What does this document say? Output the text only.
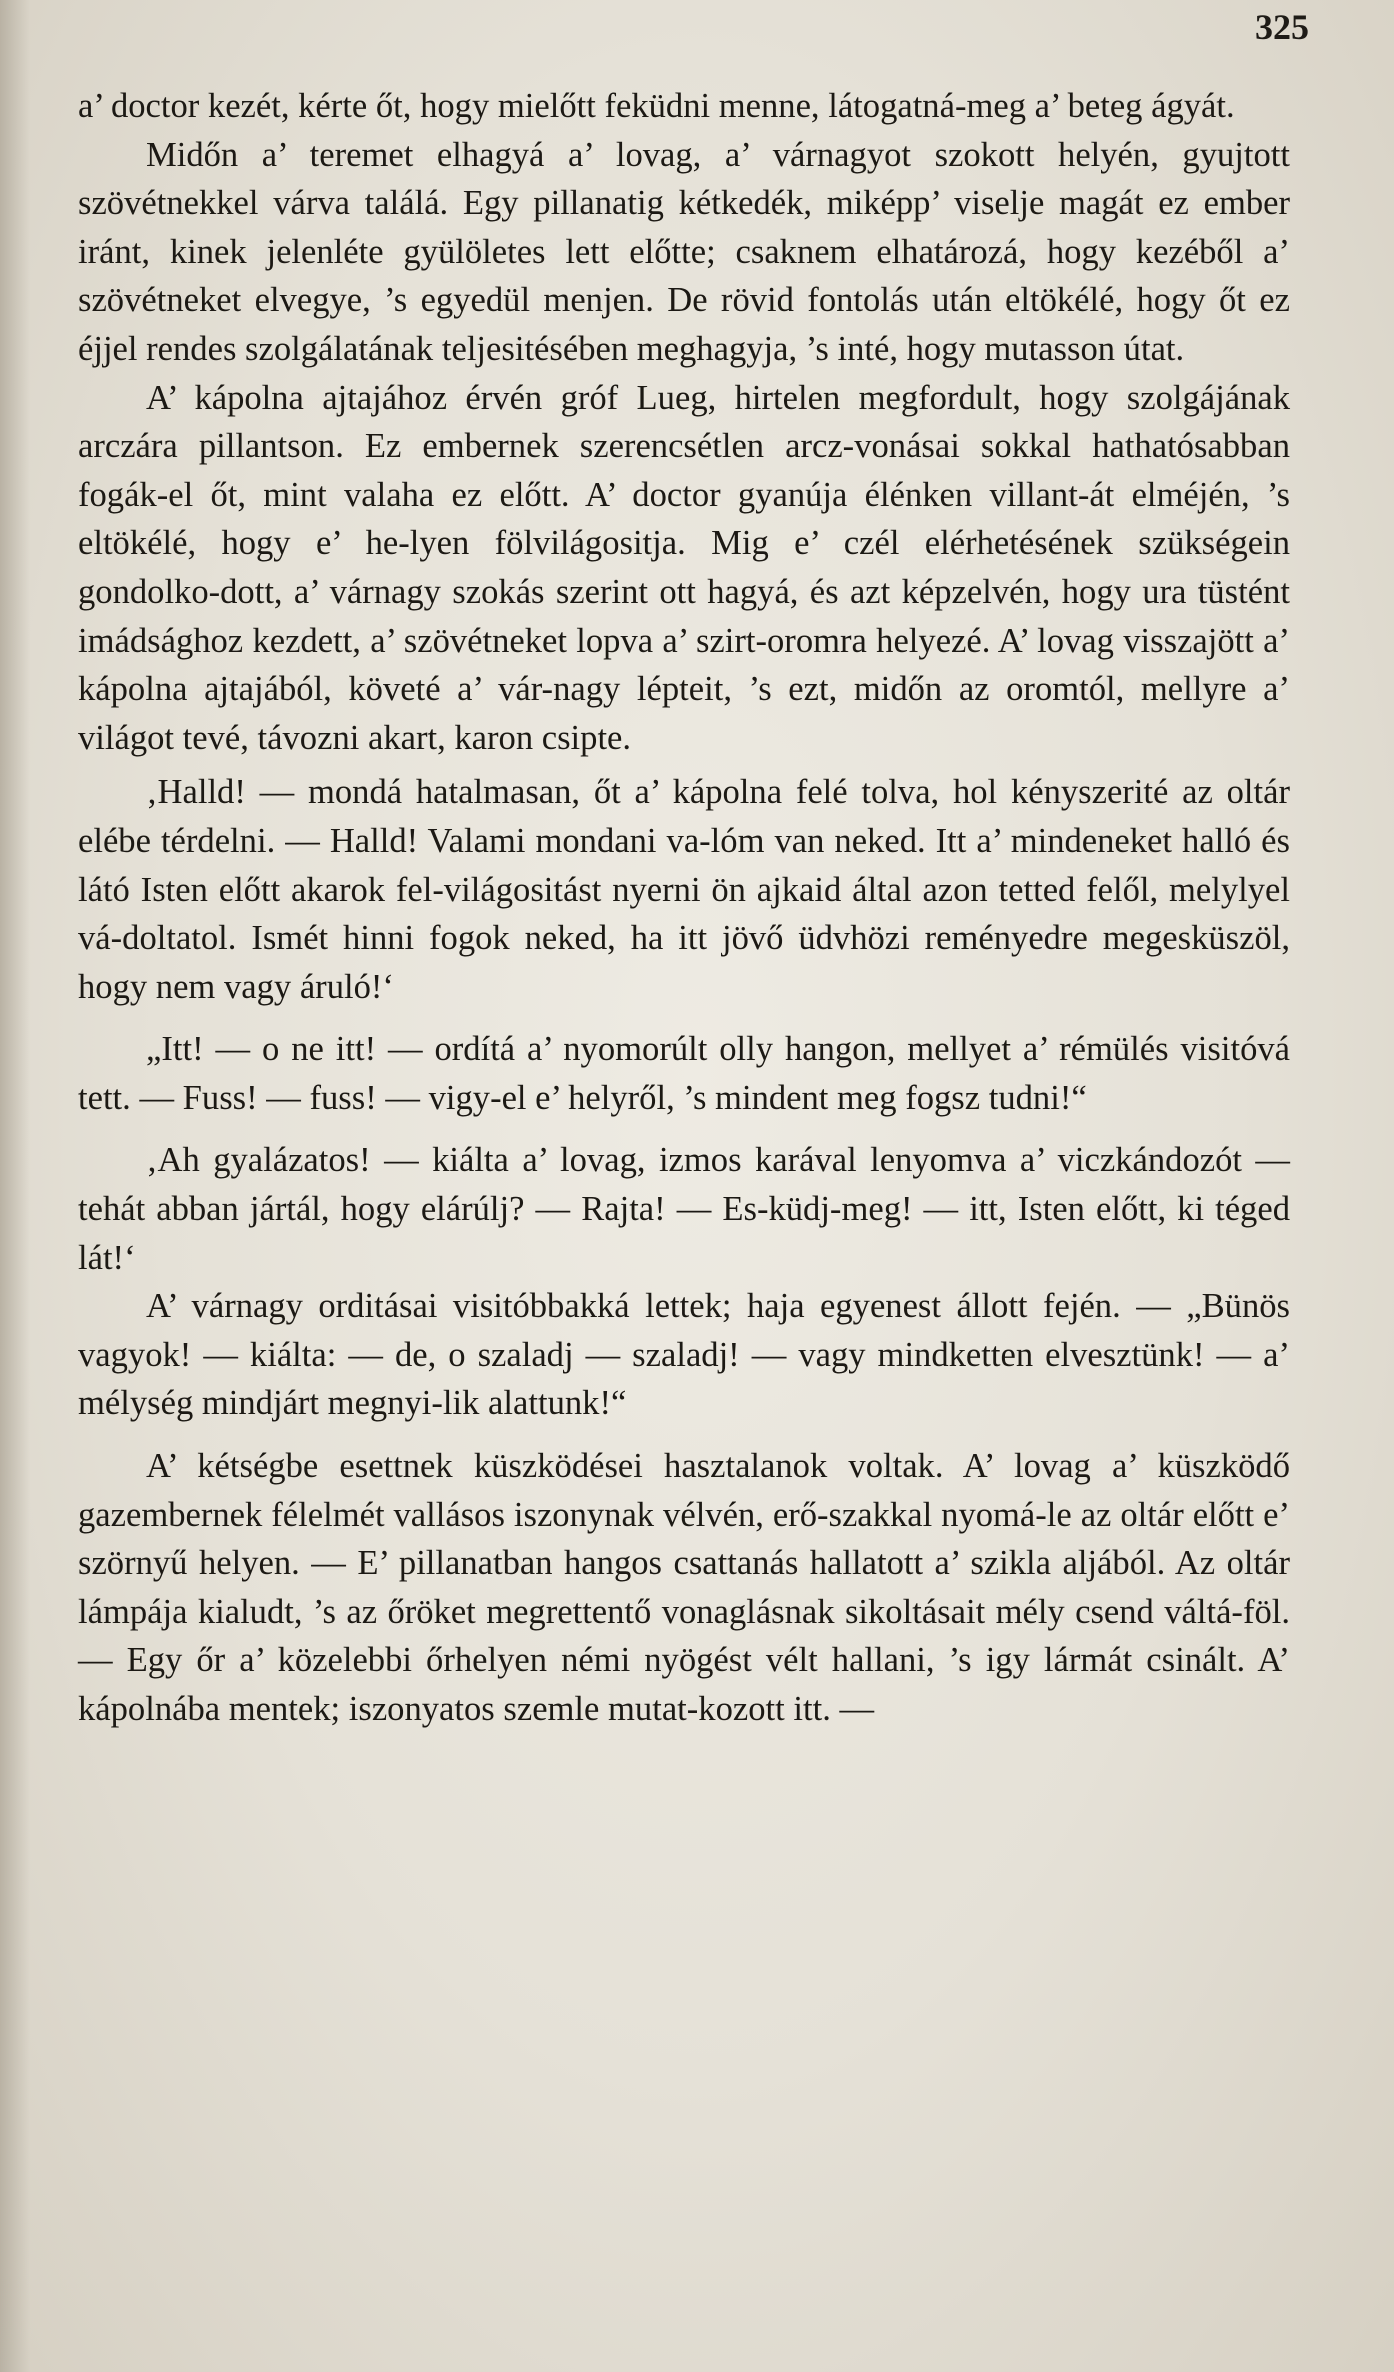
325

a’ doctor kezét, kérte őt, hogy mielőtt feküdni menne, látogatná-meg a’ beteg ágyát.

Midőn a’ teremet elhagyá a’ lovag, a’ várnagyot szokott helyén, gyujtott szövétnekkel várva találá. Egy pillanatig kétkedék, miképp’ viselje magát ez ember iránt, kinek jelenléte gyülöletes lett előtte; csaknem elhatározá, hogy kezéből a’ szövétneket elvegye, ’s egyedül menjen. De rövid fontolás után eltökélé, hogy őt ez éjjel rendes szolgálatának teljesitésében meghagyja, ’s inté, hogy mutasson útat.

A’ kápolna ajtajához érvén gróf Lueg, hirtelen megfordult, hogy szolgájának arczára pillantson. Ez embernek szerencsétlen arcz-vonásai sokkal hathatósabban fogák-el őt, mint valaha ez előtt. A’ doctor gyanúja élénken villant-át elméjén, ’s eltökélé, hogy e’ he-lyen fölvilágositja. Mig e’ czél elérhetésének szükségein gondolko-dott, a’ várnagy szokás szerint ott hagyá, és azt képzelvén, hogy ura tüstént imádsághoz kezdett, a’ szövétneket lopva a’ szirt-oromra helyezé. A’ lovag visszajött a’ kápolna ajtajából, követé a’ vár-nagy lépteit, ’s ezt, midőn az oromtól, mellyre a’ világot tevé, távozni akart, karon csipte.

‚Halld! — mondá hatalmasan, őt a’ kápolna felé tolva, hol kényszerité az oltár elébe térdelni. — Halld! Valami mondani va-lóm van neked. Itt a’ mindeneket halló és látó Isten előtt akarok fel-világositást nyerni ön ajkaid által azon tetted felől, melylyel vá-doltatol. Ismét hinni fogok neked, ha itt jövő üdvhözi reményedre megesküszöl, hogy nem vagy áruló!‘

„Itt! — o ne itt! — ordítá a’ nyomorúlt olly hangon, mellyet a’ rémülés visitóvá tett. — Fuss! — fuss! — vigy-el e’ helyről, ’s mindent meg fogsz tudni!“

‚Ah gyalázatos! — kiálta a’ lovag, izmos karával lenyomva a’ viczkándozót — tehát abban jártál, hogy elárúlj? — Rajta! — Es-küdj-meg! — itt, Isten előtt, ki téged lát!‘

A’ várnagy orditásai visitóbbakká lettek; haja egyenest állott fején. — „Bünös vagyok! — kiálta: — de, o szaladj — szaladj! — vagy mindketten elvesztünk! — a’ mélység mindjárt megnyi-lik alattunk!“

A’ kétségbe esettnek küszködései hasztalanok voltak. A’ lovag a’ küszködő gazembernek félelmét vallásos iszonynak vélvén, erő-szakkal nyomá-le az oltár előtt e’ szörnyű helyen. — E’ pillanatban hangos csattanás hallatott a’ szikla aljából. Az oltár lámpája kialudt, ’s az őröket megrettentő vonaglásnak sikoltásait mély csend váltá-föl. — Egy őr a’ közelebbi őrhelyen némi nyögést vélt hallani, ’s igy lármát csinált. A’ kápolnába mentek; iszonyatos szemle mutat-kozott itt. —
